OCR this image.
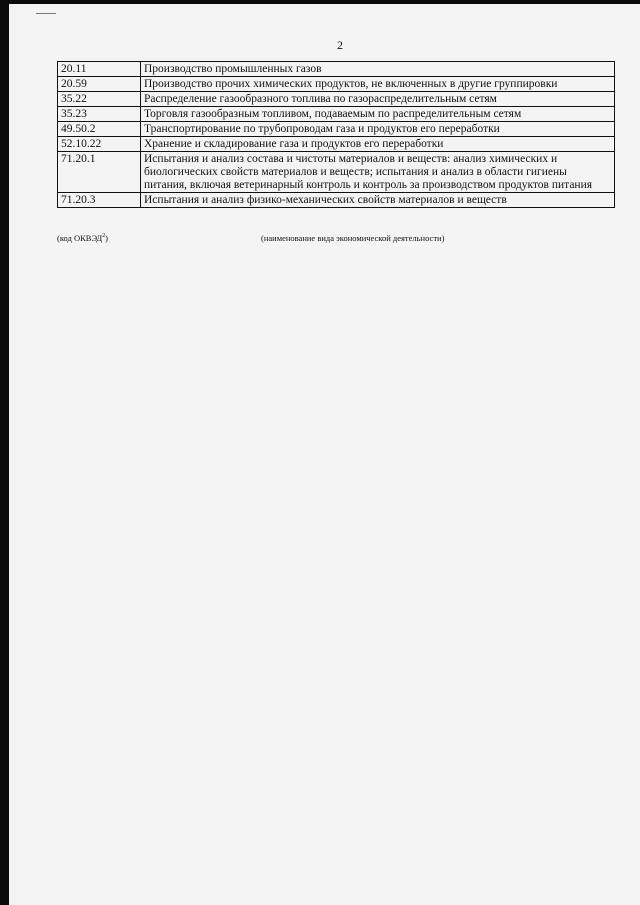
2
20.11	Производство промышленных газов
20.59	Производство прочих химических продуктов, не включенных в другие группировки
35.22	Распределение газообразного топлива по газораспределительным сетям
35.23	Торговля газообразным топливом, подаваемым по распределительным сетям
49.50.2	Транспортирование по трубопроводам газа и продуктов его переработки
52.10.22	Хранение и складирование газа и продуктов его переработки
71.20.1	Испытания и анализ состава и чистоты материалов и веществ: анализ химических и биологических свойств материалов и веществ; испытания и анализ в области гигиены питания, включая ветеринарный контроль и контроль за производством продуктов питания
71.20.3	Испытания и анализ физико-механических свойств материалов и веществ
(код ОКВЭД$^2$)	(наименование вида экономической деятельности)
